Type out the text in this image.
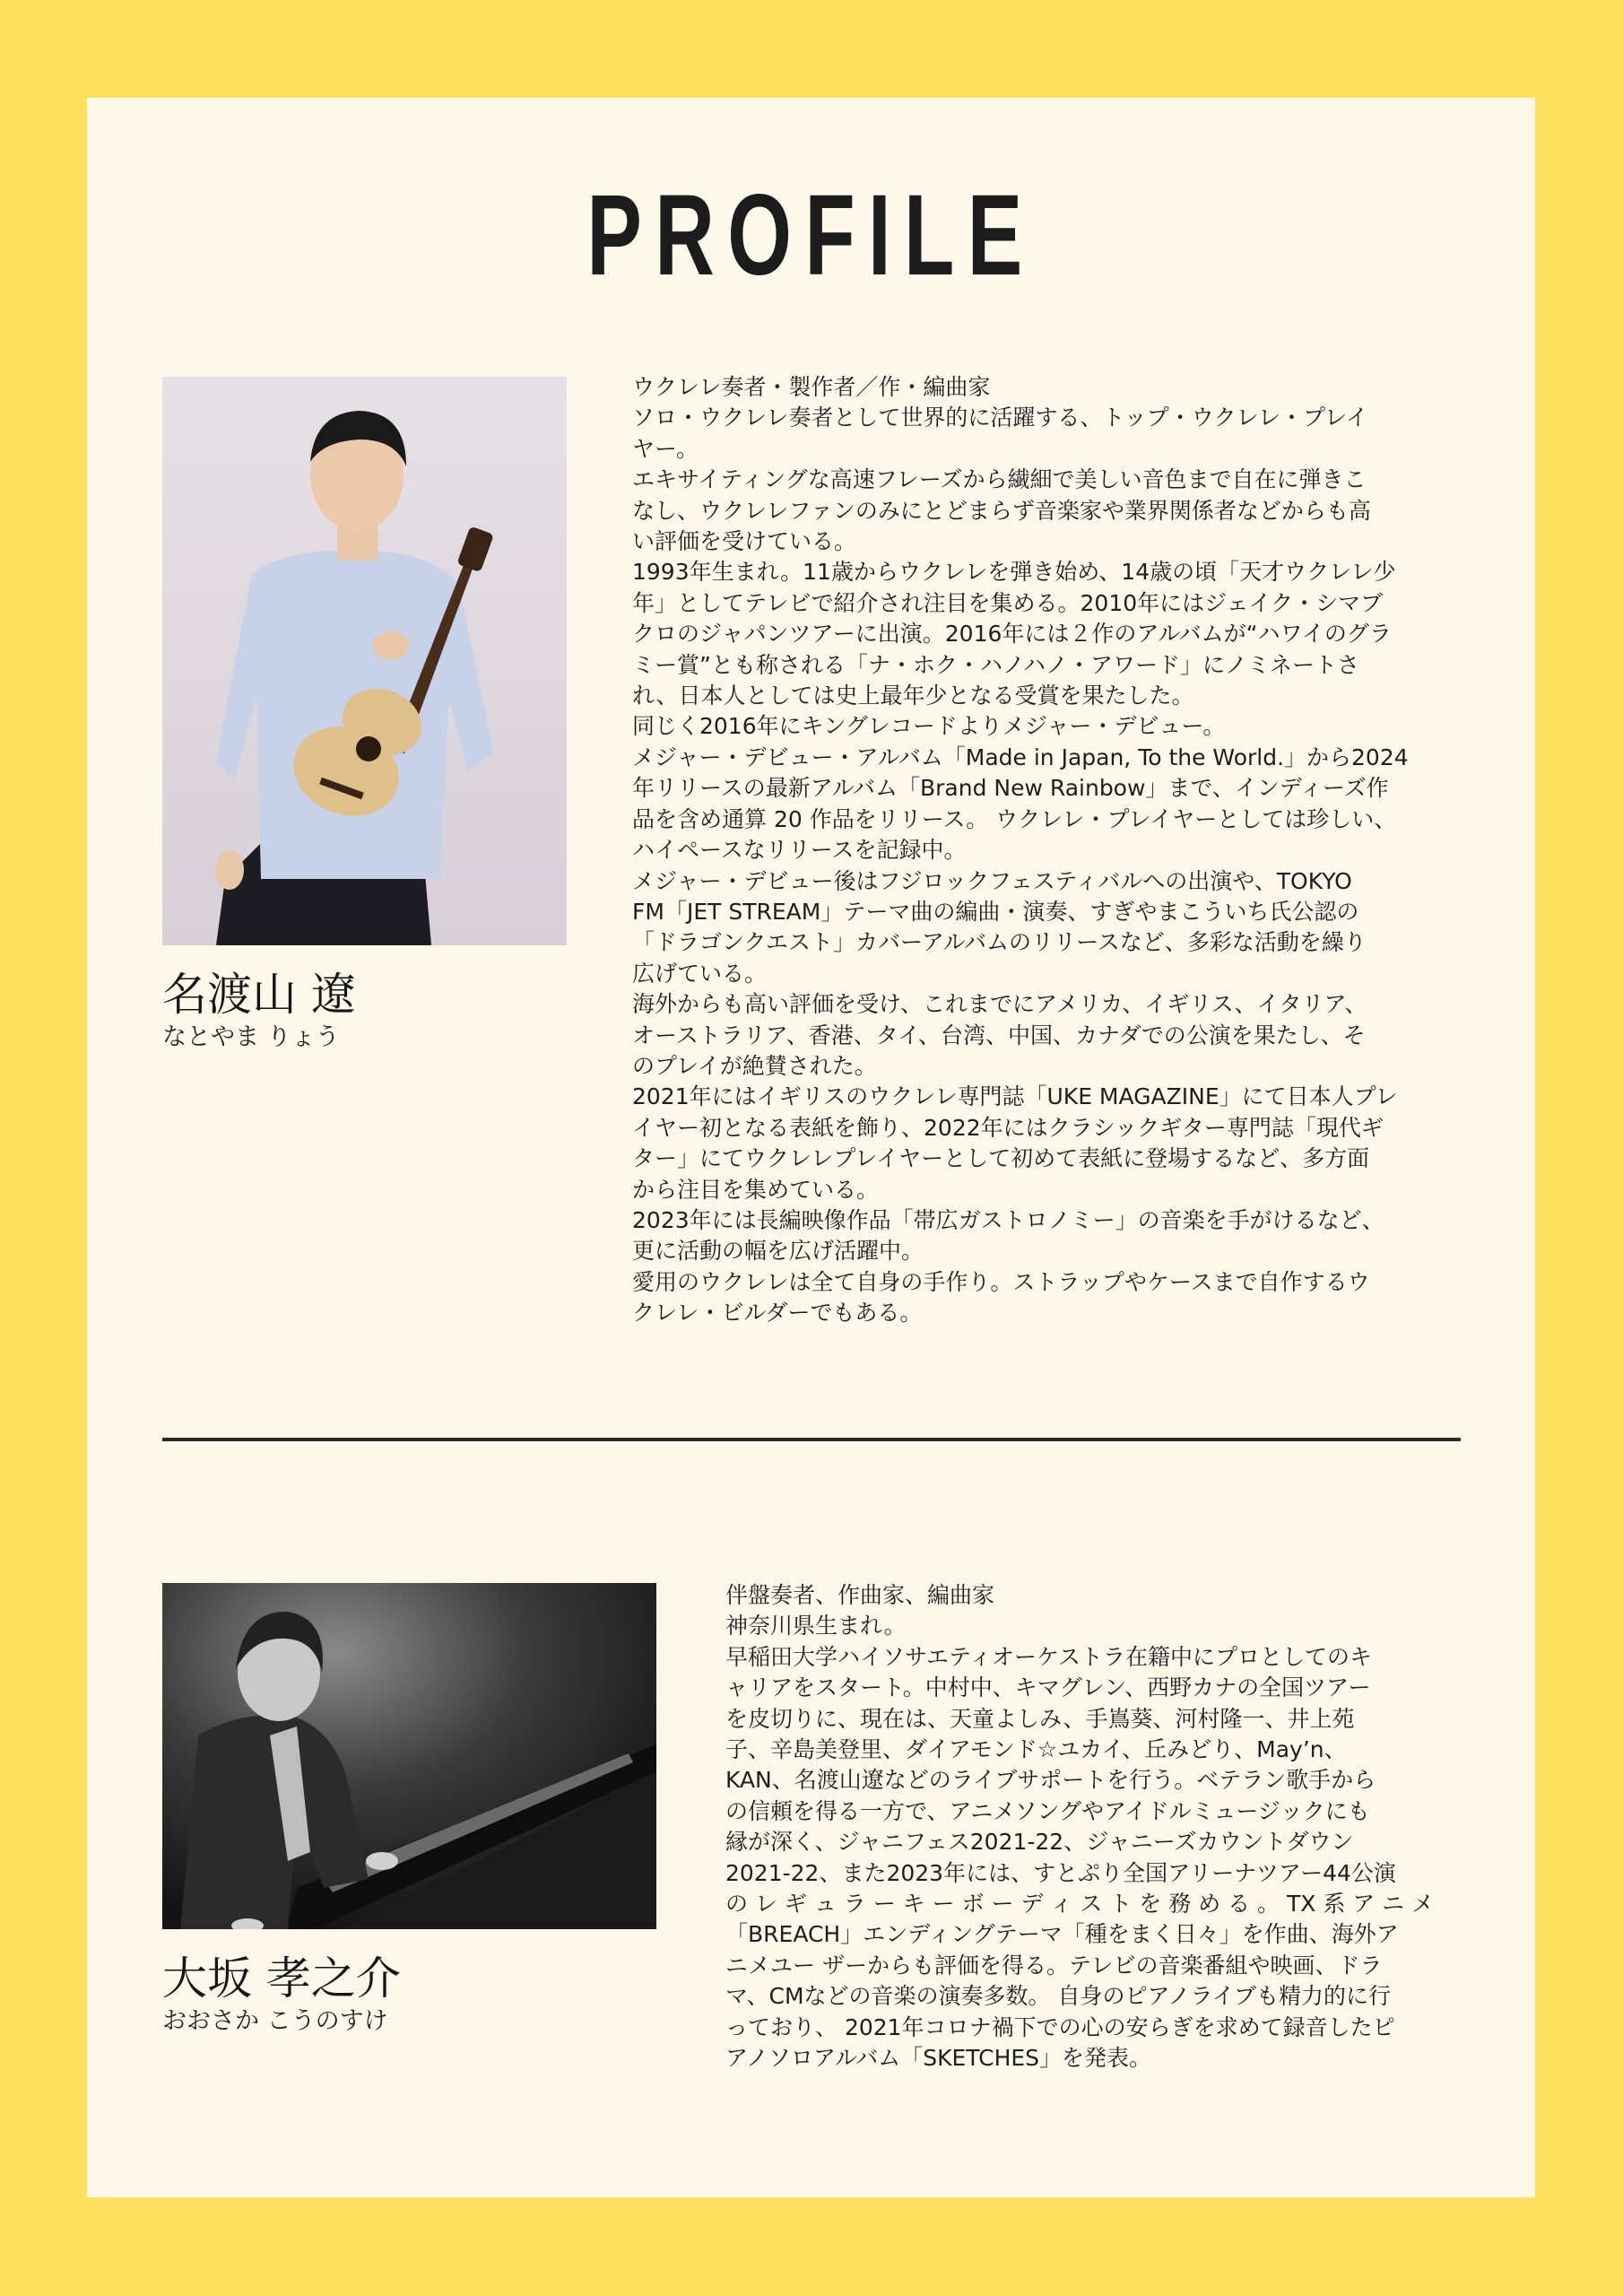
PROFILE

名渡山 遼

なとやま りょう

ウクレレ奏者・製作者／作・編曲家
ソロ・ウクレレ奏者として世界的に活躍する、トップ・ウクレレ・プレイ
ヤー。
エキサイティングな高速フレーズから繊細で美しい音色まで自在に弾きこ
なし、ウクレレファンのみにとどまらず音楽家や業界関係者などからも高
い評価を受けている。
1993年生まれ。11歳からウクレレを弾き始め、14歳の頃「天才ウクレレ少
年」としてテレビで紹介され注目を集める。2010年にはジェイク・シマブ
クロのジャパンツアーに出演。2016年には２作のアルバムが“ハワイのグラ
ミー賞”とも称される「ナ・ホク・ハノハノ・アワード」にノミネートさ
れ、日本人としては史上最年少となる受賞を果たした。
同じく2016年にキングレコードよりメジャー・デビュー。
メジャー・デビュー・アルバム「Made in Japan, To the World.」から2024
年リリースの最新アルバム「Brand New Rainbow」まで、インディーズ作
品を含め通算 20 作品をリリース。 ウクレレ・プレイヤーとしては珍しい、
ハイペースなリリースを記録中。
メジャー・デビュー後はフジロックフェスティバルへの出演や、TOKYO
FM「JET STREAM」テーマ曲の編曲・演奏、すぎやまこういち氏公認の
「ドラゴンクエスト」カバーアルバムのリリースなど、多彩な活動を繰り
広げている。
海外からも高い評価を受け、これまでにアメリカ、イギリス、イタリア、
オーストラリア、香港、タイ、台湾、中国、カナダでの公演を果たし、そ
のプレイが絶賛された。
2021年にはイギリスのウクレレ専門誌「UKE MAGAZINE」にて日本人プレ
イヤー初となる表紙を飾り、2022年にはクラシックギター専門誌「現代ギ
ター」にてウクレレプレイヤーとして初めて表紙に登場するなど、多方面
から注目を集めている。
2023年には長編映像作品「帯広ガストロノミー」の音楽を手がけるなど、
更に活動の幅を広げ活躍中。
愛用のウクレレは全て自身の手作り。ストラップやケースまで自作するウ
クレレ・ビルダーでもある。

大坂 孝之介

おおさか こうのすけ

伴盤奏者、作曲家、編曲家
神奈川県生まれ。
早稲田大学ハイソサエティオーケストラ在籍中にプロとしてのキ
ャリアをスタート。中村中、キマグレン、西野カナの全国ツアー
を皮切りに、現在は、天童よしみ、手嶌葵、河村隆一、井上苑
子、辛島美登里、ダイアモンド☆ユカイ、丘みどり、May’n、
KAN、名渡山遼などのライブサポートを行う。ベテラン歌手から
の信頼を得る一方で、アニメソングやアイドルミュージックにも
縁が深く、ジャニフェス2021-22、ジャニーズカウントダウン
2021-22、また2023年には、すとぷり全国アリーナツアー44公演
の レ ギ ュ ラ ー キ ー ボ ー デ ィ ス ト を 務 め る 。 TX 系 ア ニ メ
「BREACH」エンディングテーマ「種をまく日々」を作曲、海外ア
ニメユー ザーからも評価を得る。テレビの音楽番組や映画、ドラ
マ、CMなどの音楽の演奏多数。 自身のピアノライブも精力的に行
っており、 2021年コロナ禍下での心の安らぎを求めて録音したピ
アノソロアルバム「SKETCHES」を発表。
